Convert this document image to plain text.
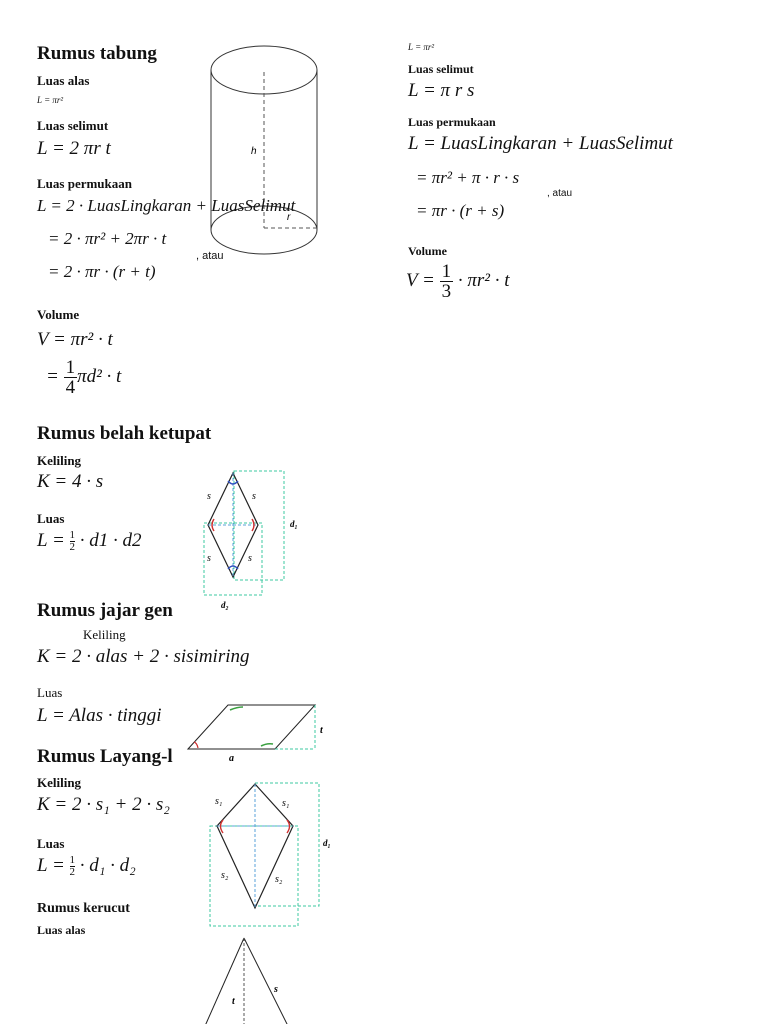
Rumus tabung
Luas alas
L = πr²
Luas selimut
L = 2 πr t
Luas permukaan
h
r
L = 2 · LuasLingkaran + LuasSelimut
= 2 · πr² + 2πr · t
, atau
= 2 · πr · (r + t)
Volume
V = πr² · t
= $\frac{1}{4} \pi d^2 \cdot t$
L = πr²
Luas selimut
L = π r s
Luas permukaan
L = LuasLingkaran + LuasSelimut
= πr² + π · r · s
, atau
= πr · (r + s)
Volume
$V = \frac{1}{3} \cdot \pi r^2 \cdot t$
Rumus belah ketupat
Keliling
K = 4 · s
Luas
$L = \frac{1}{2} \cdot d1 \cdot d2$
s	s
s	s
d₁
d₂
Rumus jajar gen
Keliling
K = 2 · alas + 2 · sisimiring
Luas
L = Alas · tinggi
t
a
Rumus Layang-l
Keliling
K = 2 · s₁ + 2 · s₂
Luas
$L = \frac{1}{2} \cdot d_1 \cdot d_2$
s₁	s₁
s₂	s₂
d₁
Rumus kerucut
Luas alas
t
s
